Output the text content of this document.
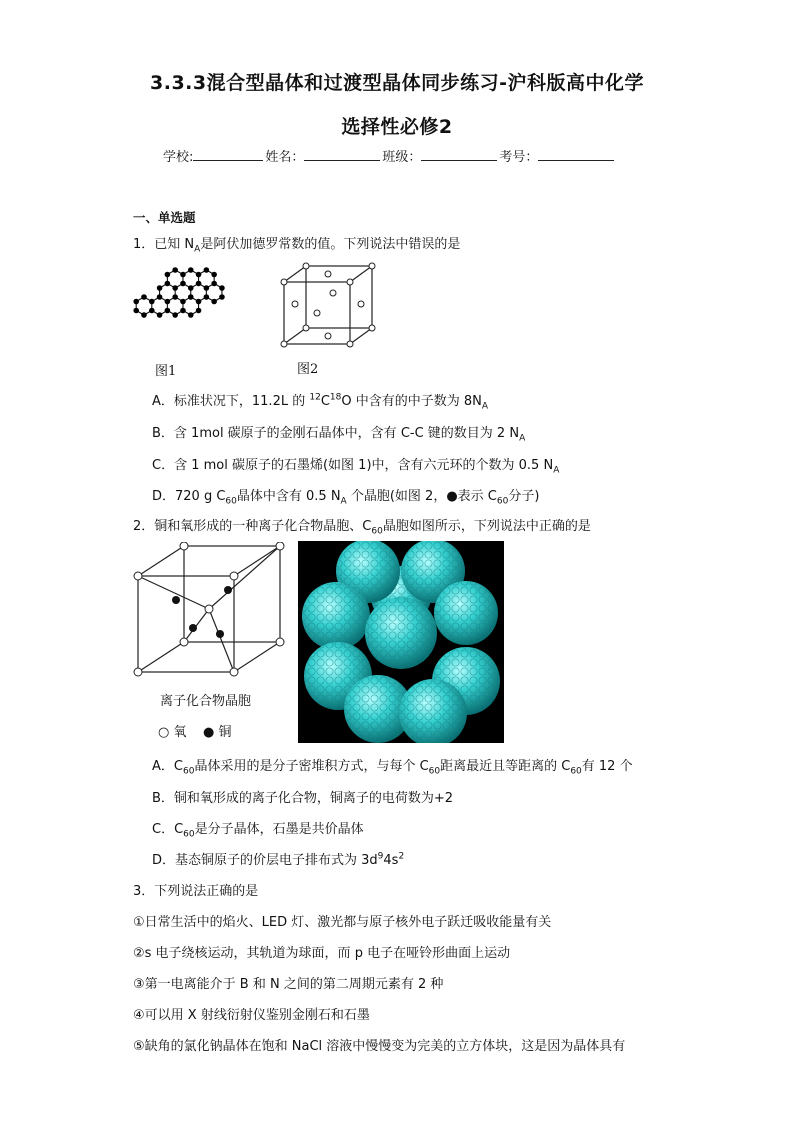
3.3.3混合型晶体和过渡型晶体同步练习-沪科版高中化学
选择性必修2
学校:	姓名：	班级：	考号：
一、单选题
1．已知 $N_A$是阿伏加德罗常数的值。下列说法中错误的是
图1	图2
A．标准状况下，11.2L 的 $^{12}C^{18}O$ 中含有的中子数为 $8N_A$
B．含 1mol 碳原子的金刚石晶体中，含有 C-C 键的数目为 2 $N_A$
C．含 1 mol 碳原子的石墨烯(如图 1)中，含有六元环的个数为 0.5 $N_A$
D．720 g $C_{60}$晶体中含有 0.5 $N_A$ 个晶胞(如图 2，●表示 $C_{60}$分子)
2．铜和氧形成的一种离子化合物晶胞、$C_{60}$晶胞如图所示，下列说法中正确的是
离子化合物晶胞
○ 氧 ● 铜
A．$C_{60}$晶体采用的是分子密堆积方式，与每个 $C_{60}$距离最近且等距离的 $C_{60}$有 12 个
B．铜和氧形成的离子化合物，铜离子的电荷数为+2
C．$C_{60}$是分子晶体，石墨是共价晶体
D．基态铜原子的价层电子排布式为 $3d^94s^2$
3．下列说法正确的是
①日常生活中的焰火、LED 灯、激光都与原子核外电子跃迁吸收能量有关
②s 电子绕核运动，其轨道为球面，而 p 电子在哑铃形曲面上运动
③第一电离能介于 B 和 N 之间的第二周期元素有 2 种
④可以用 X 射线衍射仪鉴别金刚石和石墨
⑤缺角的氯化钠晶体在饱和 NaCl 溶液中慢慢变为完美的立方体块，这是因为晶体具有
